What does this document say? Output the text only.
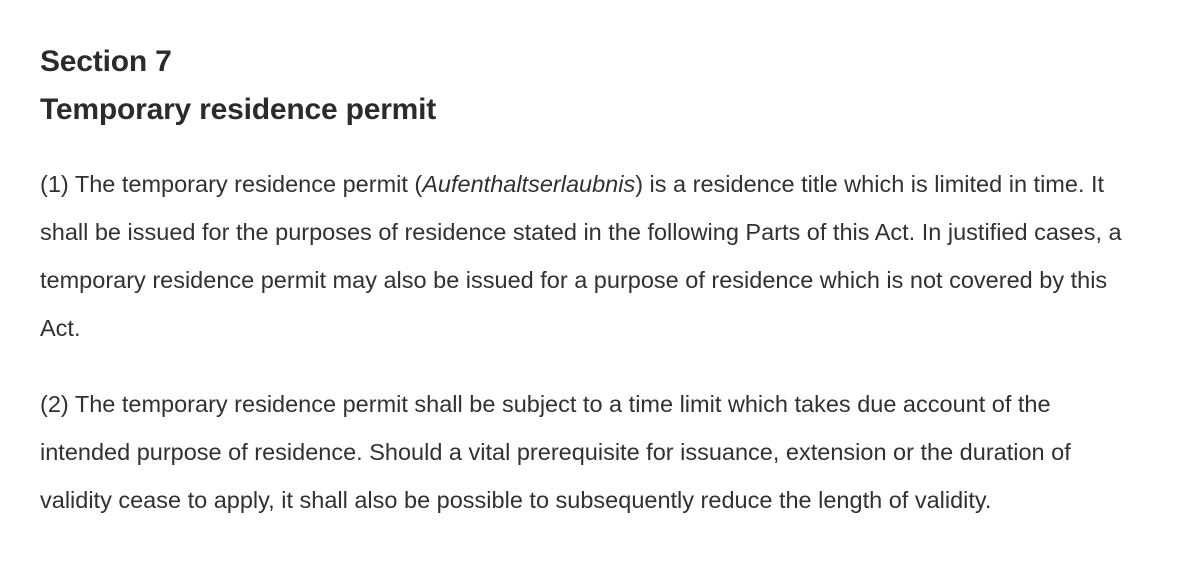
Section 7
Temporary residence permit

(1) The temporary residence permit (Aufenthaltserlaubnis) is a residence title which is limited in time. It shall be issued for the purposes of residence stated in the following Parts of this Act. In justified cases, a temporary residence permit may also be issued for a purpose of residence which is not covered by this Act.

(2) The temporary residence permit shall be subject to a time limit which takes due account of the intended purpose of residence. Should a vital prerequisite for issuance, extension or the duration of validity cease to apply, it shall also be possible to subsequently reduce the length of validity.
